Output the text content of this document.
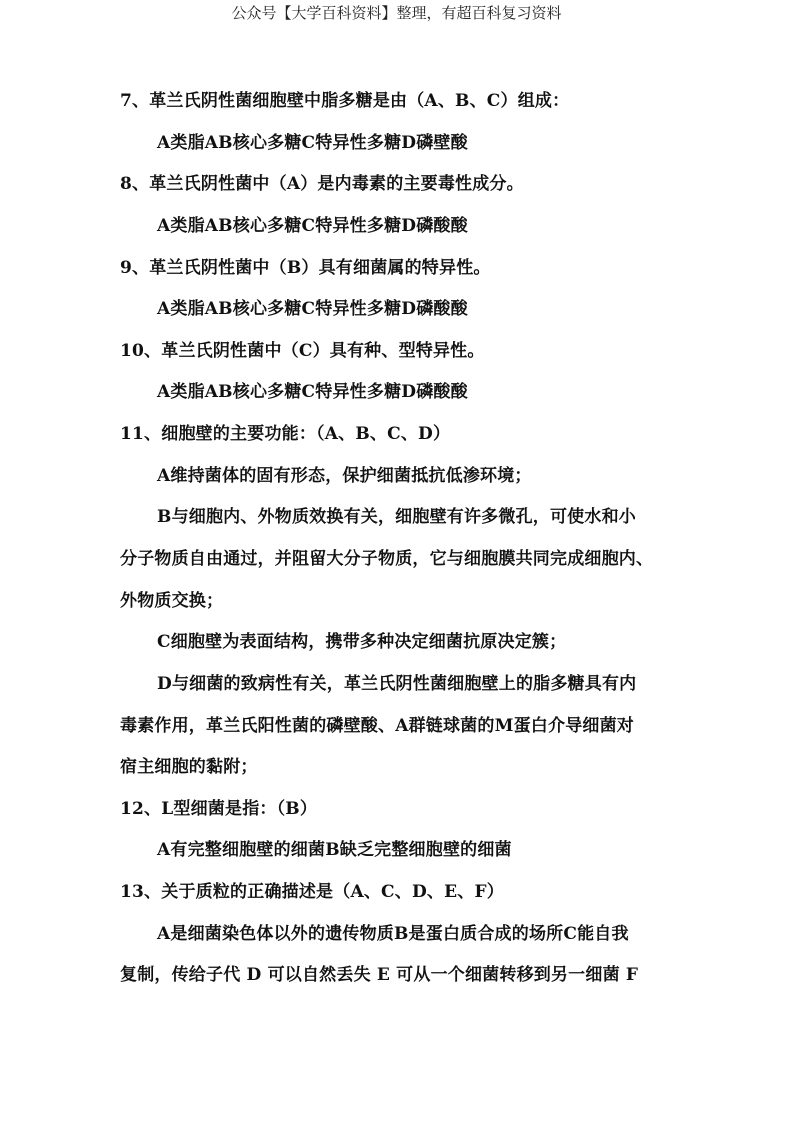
公众号【大学百科资料】整理，有超百科复习资料
7、革兰氏阴性菌细胞壁中脂多糖是由（A、B、C）组成：
A类脂AB核心多糖C特异性多糖D磷壁酸
8、革兰氏阴性菌中（A）是内毒素的主要毒性成分。
A类脂AB核心多糖C特异性多糖D磷酸酸
9、革兰氏阴性菌中（B）具有细菌属的特异性。
A类脂AB核心多糖C特异性多糖D磷酸酸
10、革兰氏阴性菌中（C）具有种、型特异性。
A类脂AB核心多糖C特异性多糖D磷酸酸
11、细胞壁的主要功能：（A、B、C、D）
A维持菌体的固有形态，保护细菌抵抗低渗环境；
B与细胞内、外物质效换有关，细胞壁有许多微孔，可使水和小
分子物质自由通过，并阻留大分子物质，它与细胞膜共同完成细胞内、
外物质交换；
C细胞壁为表面结构，携带多种决定细菌抗原决定簇；
D与细菌的致病性有关，革兰氏阴性菌细胞壁上的脂多糖具有内
毒素作用，革兰氏阳性菌的磷壁酸、A群链球菌的M蛋白介导细菌对
宿主细胞的黏附；
12、L型细菌是指：（B）
A有完整细胞壁的细菌B缺乏完整细胞壁的细菌
13、关于质粒的正确描述是（A、C、D、E、F）
A是细菌染色体以外的遗传物质B是蛋白质合成的场所C能自我
复制，传给子代 D 可以自然丢失 E 可从一个细菌转移到另一细菌 F
